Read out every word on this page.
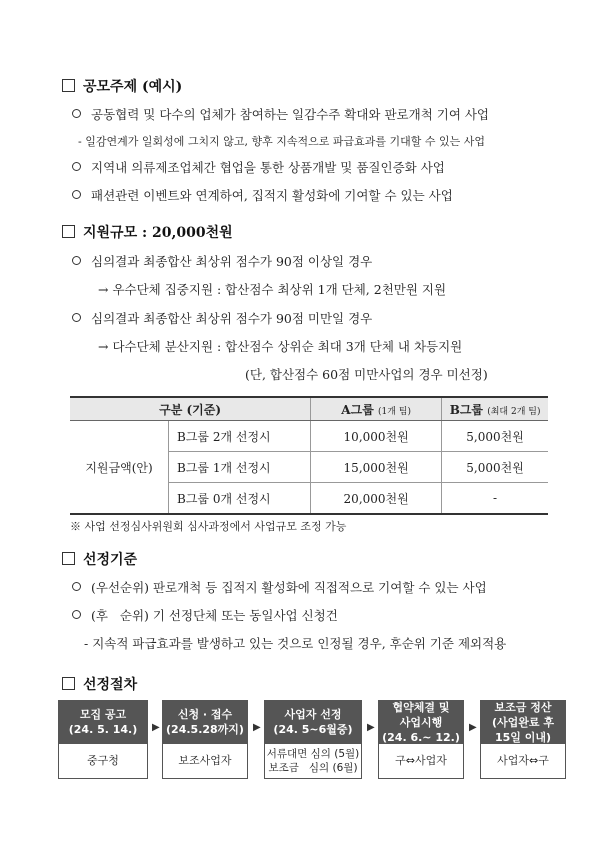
공모주제 (예시)
공동협력 및 다수의 업체가 참여하는 일감수주 확대와 판로개척 기여 사업
- 일감연계가 일회성에 그치지 않고, 향후 지속적으로 파급효과를 기대할 수 있는 사업
지역내 의류제조업체간 협업을 통한 상품개발 및 품질인증화 사업
패션관련 이벤트와 연계하여, 집적지 활성화에 기여할 수 있는 사업
지원규모 : 20,000천원
심의결과 최종합산 최상위 점수가 90점 이상일 경우
→ 우수단체 집중지원 : 합산점수 최상위 1개 단체, 2천만원 지원
심의결과 최종합산 최상위 점수가 90점 미만일 경우
→ 다수단체 분산지원 : 합산점수 상위순 최대 3개 단체 내 차등지원
(단, 합산점수 60점 미만사업의 경우 미선정)
구분 (기준)		A그룹 (1개 팀)	B그룹 (최대 2개 팀)
지원금액(안)	B그룹 2개 선정시	10,000천원	5,000천원
	B그룹 1개 선정시	15,000천원	5,000천원
	B그룹 0개 선정시	20,000천원	-
※ 사업 선정심사위원회 심사과정에서 사업규모 조정 가능
선정기준
(우선순위) 판로개척 등 집적지 활성화에 직접적으로 기여할 수 있는 사업
(후   순위) 기 선정단체 또는 동일사업 신청건
- 지속적 파급효과를 발생하고 있는 것으로 인정될 경우, 후순위 기준 제외적용
선정절차
모집 공고
(24. 5. 14.)
중구청
▶
신청 · 접수
(24.5.28까지)
보조사업자
▶
사업자 선정
(24. 5~6월중)
서류대면 심의 (5월)
보조금   심의 (6월)
▶
협약체결 및
사업시행
(24. 6.~ 12.)
구⇔사업자
▶
보조금 정산
(사업완료 후
15일 이내)
사업자⇔구
